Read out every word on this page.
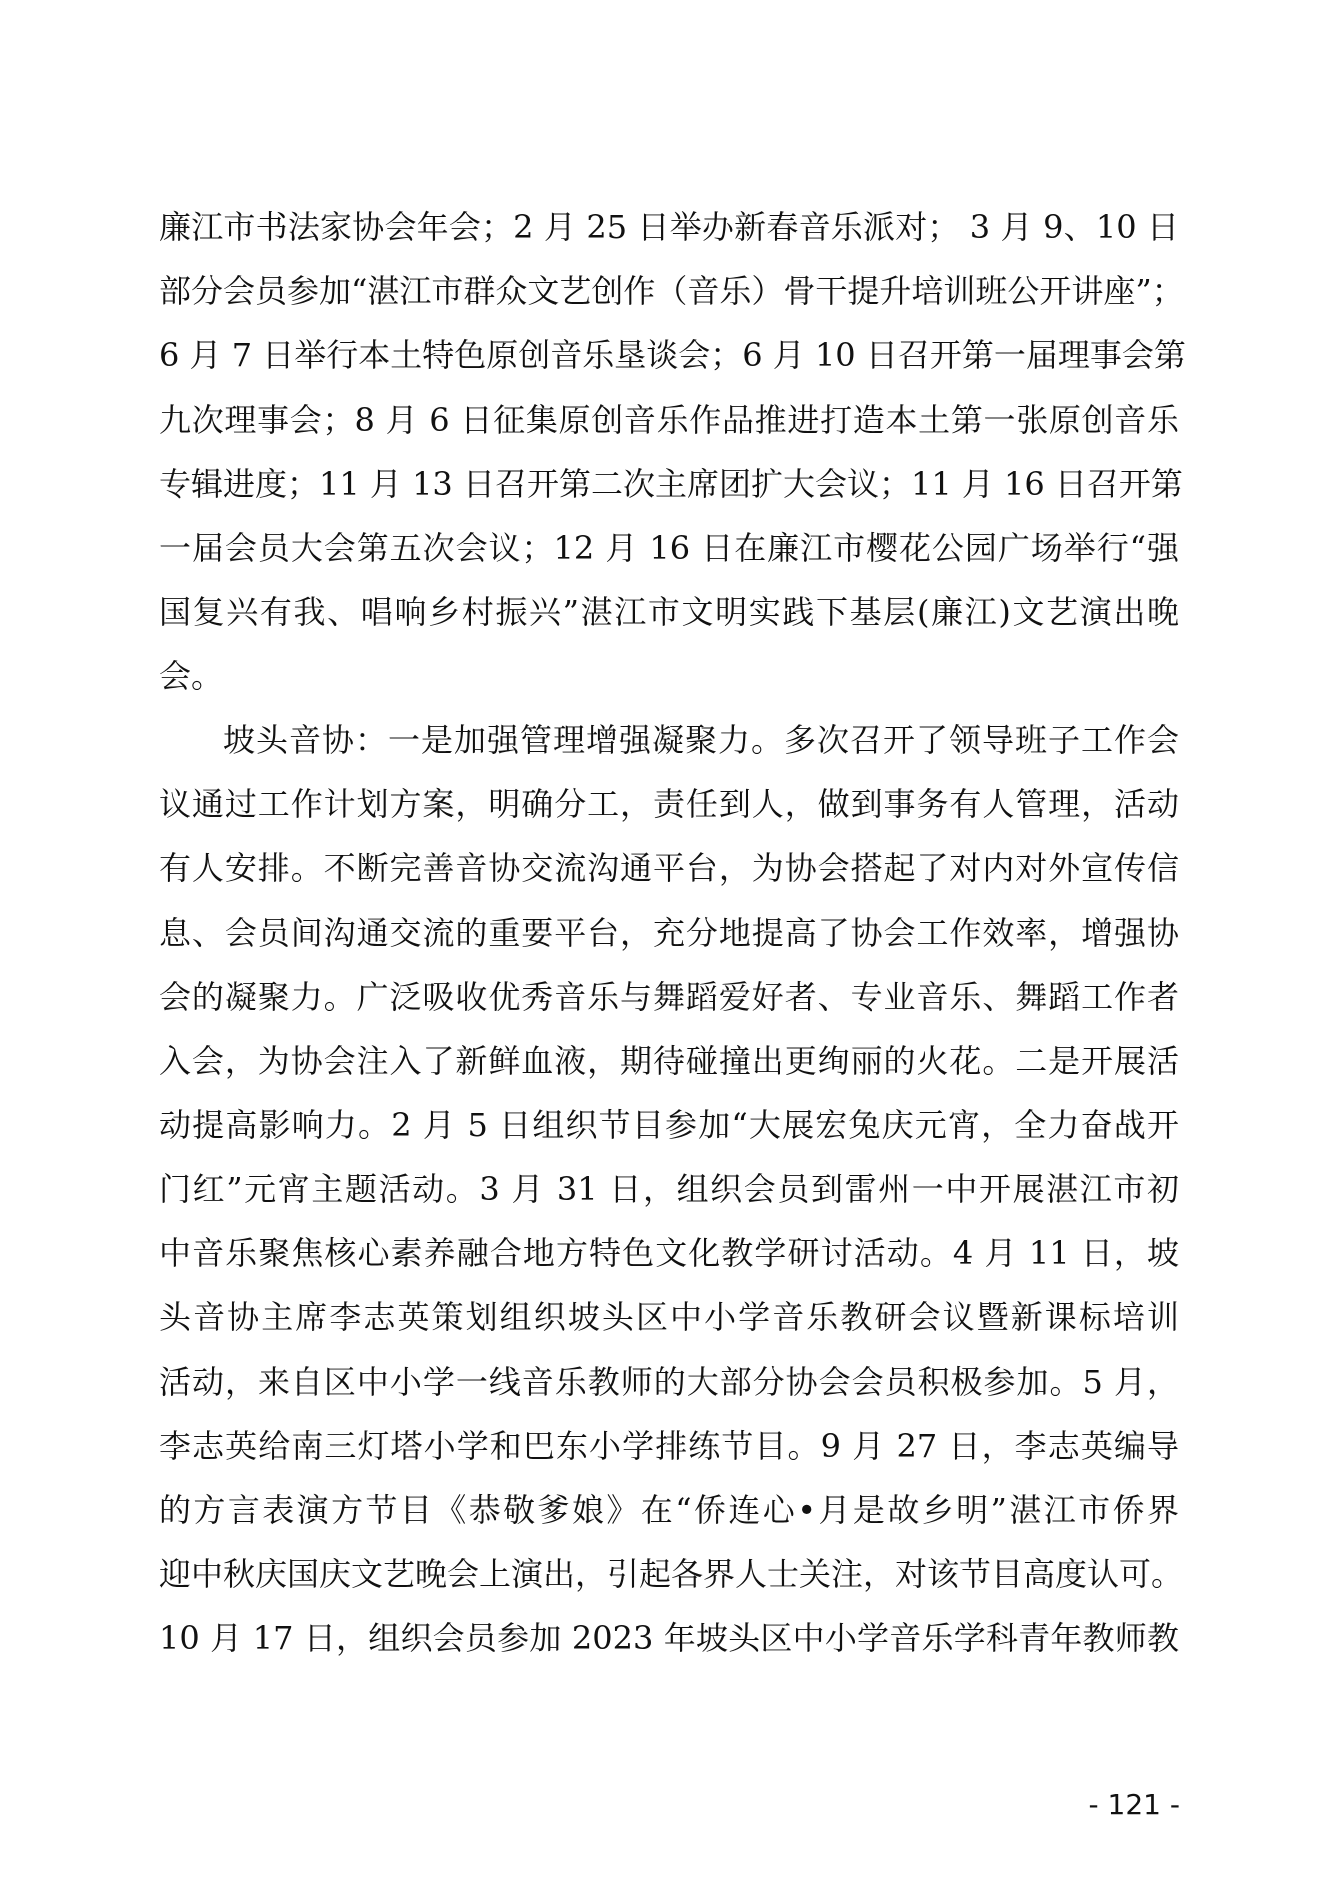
廉江市书法家协会年会；2 月 25 日举办新春音乐派对； 3 月 9、10 日
部分会员参加“湛江市群众文艺创作（音乐）骨干提升培训班公开讲座”；
6 月 7 日举行本土特色原创音乐垦谈会；6 月 10 日召开第一届理事会第
九次理事会；8 月 6 日征集原创音乐作品推进打造本土第一张原创音乐
专辑进度；11 月 13 日召开第二次主席团扩大会议；11 月 16 日召开第
一届会员大会第五次会议；12 月 16 日在廉江市樱花公园广场举行“强
国复兴有我、唱响乡村振兴”湛江市文明实践下基层(廉江)文艺演出晚
会。
坡头音协：一是加强管理增强凝聚力。多次召开了领导班子工作会
议通过工作计划方案，明确分工，责任到人，做到事务有人管理，活动
有人安排。不断完善音协交流沟通平台，为协会搭起了对内对外宣传信
息、会员间沟通交流的重要平台，充分地提高了协会工作效率，增强协
会的凝聚力。广泛吸收优秀音乐与舞蹈爱好者、专业音乐、舞蹈工作者
入会，为协会注入了新鲜血液，期待碰撞出更绚丽的火花。二是开展活
动提高影响力。2 月 5 日组织节目参加“大展宏兔庆元宵，全力奋战开
门红”元宵主题活动。3 月 31 日，组织会员到雷州一中开展湛江市初
中音乐聚焦核心素养融合地方特色文化教学研讨活动。4 月 11 日，坡
头音协主席李志英策划组织坡头区中小学音乐教研会议暨新课标培训
活动，来自区中小学一线音乐教师的大部分协会会员积极参加。5 月，
李志英给南三灯塔小学和巴东小学排练节目。9 月 27 日，李志英编导
的方言表演方节目《恭敬爹娘》在“侨连心•月是故乡明”湛江市侨界
迎中秋庆国庆文艺晚会上演出，引起各界人士关注，对该节目高度认可。
10 月 17 日，组织会员参加 2023 年坡头区中小学音乐学科青年教师教
- 121 -
